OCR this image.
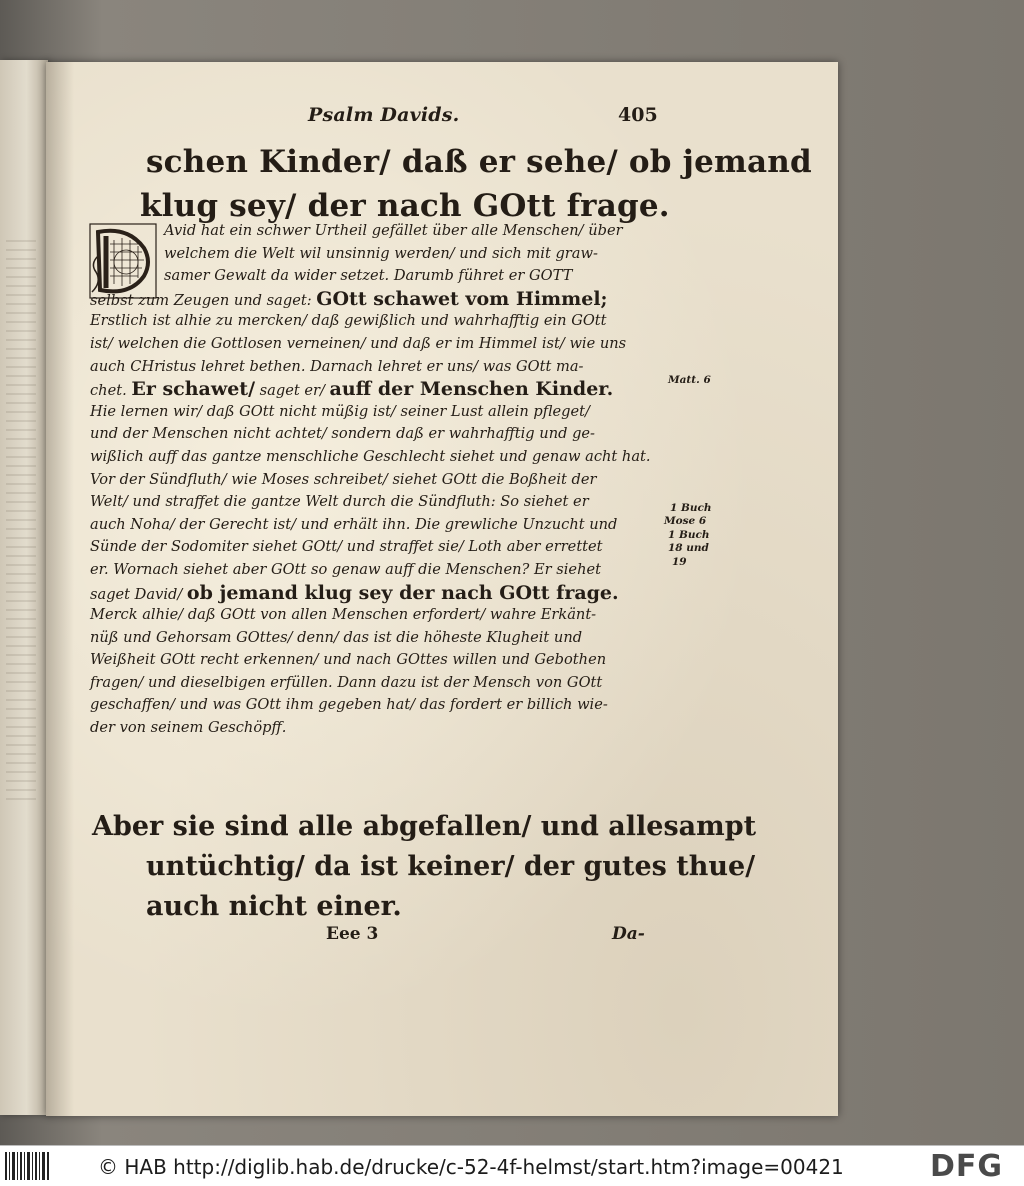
Psalm Davids.	405
schen Kinder/ daß er sehe/ ob jemand
klug sey/ der nach GOtt frage.
Avid hat ein schwer Urtheil gefället über alle Menschen/ über
welchem die Welt wil unsinnig werden/ und sich mit graw-
samer Gewalt da wider setzet. Darumb führet er GOTT
selbst zum Zeugen und saget: GOtt schawet vom Himmel;
Erstlich ist alhie zu mercken/ daß gewißlich und wahrhafftig ein GOtt
ist/ welchen die Gottlosen verneinen/ und daß er im Himmel ist/ wie uns
auch CHristus lehret bethen. Darnach lehret er uns/ was GOtt ma-
chet. Er schawet/ saget er/ auff der Menschen Kinder.
Hie lernen wir/ daß GOtt nicht müßig ist/ seiner Lust allein pfleget/
und der Menschen nicht achtet/ sondern daß er wahrhafftig und ge-
wißlich auff das gantze menschliche Geschlecht siehet und genaw acht hat.
Vor der Sündfluth/ wie Moses schreibet/ siehet GOtt die Boßheit der
Welt/ und straffet die gantze Welt durch die Sündfluth: So siehet er
auch Noha/ der Gerecht ist/ und erhält ihn. Die grewliche Unzucht und
Sünde der Sodomiter siehet GOtt/ und straffet sie/ Loth aber errettet
er. Wornach siehet aber GOtt so genaw auff die Menschen? Er siehet
saget David/ ob jemand klug sey der nach GOtt frage.
Merck alhie/ daß GOtt von allen Menschen erfordert/ wahre Erkänt-
nüß und Gehorsam GOttes/ denn/ das ist die höheste Klugheit und
Weißheit GOtt recht erkennen/ und nach GOttes willen und Gebothen
fragen/ und dieselbigen erfüllen. Dann dazu ist der Mensch von GOtt
geschaffen/ und was GOtt ihm gegeben hat/ das fordert er billich wie-
der von seinem Geschöpff.
Matt. 6
1 Buch
Mose 6
1 Buch
18 und
19
Aber sie sind alle abgefallen/ und allesampt
untüchtig/ da ist keiner/ der gutes thue/
auch nicht einer.
Eee 3	Da-
© HAB http://diglib.hab.de/drucke/c-52-4f-helmst/start.htm?image=00421	DFG
